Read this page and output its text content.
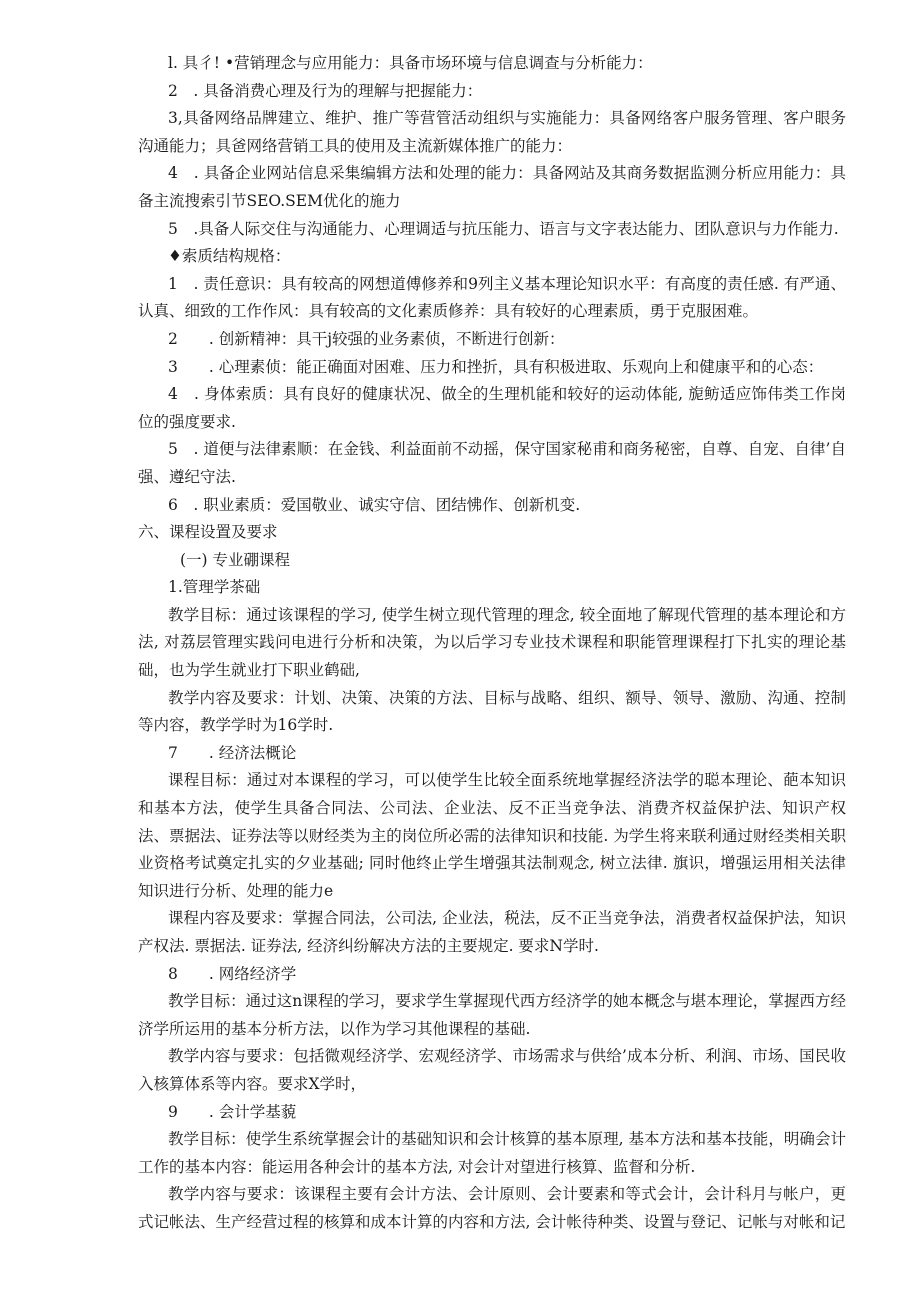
l. 具彳! •营销理念与应用能力：具备市场环境与信息调查与分析能力：

2　. 具备消费心理及行为的理解与把握能力：

3,具备网络品牌建立、维护、推广等营管活动组织与实施能力：具备网络客户服务管理、客户眼务沟通能力；具爸网络营销工具的使用及主流新媒体推广的能力：

4　. 具备企业网站信息采集编辑方法和处理的能力：具备网站及其商务数据监测分析应用能力：具备主流搜索引节SEO.SEM优化的施力

5　.具备人际交住与沟通能力、心理调适与抗压能力、语言与文字表达能力、团队意识与力作能力.

♦索质结构规格：

1　. 责任意识：具有较高的网想道傅修养和9列主义基本理论知识水平：有高度的责任感. 有严通、认真、细致的工作作风：具有较高的文化素质修养：具有较好的心理素质，勇于克服困难。

2　　. 创新精神：具干j较强的业务素侦，不断进行创新：

3　　. 心理素侦：能正确面对困难、压力和挫折，具有积极进取、乐观向上和健康平和的心态：

4　. 身体索质：具有良好的健康状况、做全的生理机能和较好的运动体能, 旎鲂适应饰伟类工作岗位的强度要求.

5　. 道便与法律素顺：在金钱、利益面前不动摇，保守国家秘甫和商务秘密，自尊、自宠、自律’自强、遵纪守法.

6　. 职业素质：爱国敬业、诚实守信、团结怫作、创新机变.

六、课程设置及要求

(一) 专业硼课程

1.管理学茶础

教学目标：通过该课程的学习, 使学生树立现代管理的理念, 较全面地了解现代管理的基本理论和方法, 对荔层管理实践问电进行分析和决策，为以后学习专业技术课程和职能管理课程打下扎实的理论基础，也为学生就业打下职业鹤础,

教学内容及要求：计划、决策、决策的方法、目标与战略、组织、额导、领导、激励、沟通、控制等内容，教学学时为16学时.

7　　. 经济法概论

课程目标：通过对本课程的学习，可以使学生比较全面系统地掌握经济法学的聪本理论、葩本知识和基本方法，使学生具备合同法、公司法、企业法、反不正当竞争法、消费齐权益保护法、知识产权法、票据法、证券法等以财经类为主的岗位所必需的法律知识和技能. 为学生将来联利通过财经类相关职业资格考试奠定扎实的夕业基础; 同时他终止学生增强其法制观念, 树立法律. 旗识，增强运用相关法律知识进行分析、处理的能力e

课程内容及要求：掌握合同法，公司法, 企业法，税法，反不正当竞争法，消费者权益保护法，知识产权法. 票据法. 证券法, 经济纠纷解决方法的主要规定. 要求N学时.

8　　. 网络经济学

教学目标：通过这n课程的学习，要求学生掌握现代西方经济学的她本概念与堪本理论，掌握西方经济学所运用的基本分析方法，以作为学习其他课程的基础.

教学内容与要求：包括微观经济学、宏观经济学、市场需求与供给’成本分析、利润、市场、国民收入核算体系等内容。要求X学时，

9　　. 会计学基藐

教学目标：使学生系统掌握会计的基础知识和会计核算的基本原理, 基本方法和基本技能，明确会计工作的基本内容：能运用各种会计的基本方法, 对会计对望进行核算、监督和分析.

教学内容与要求：该课程主要有会计方法、会计原则、会计要素和等式会计，会计科月与帐户，更式记帐法、生产经营过程的核算和成本计算的内容和方法, 会计帐待种类、设置与登记、记帐与对帐和记
